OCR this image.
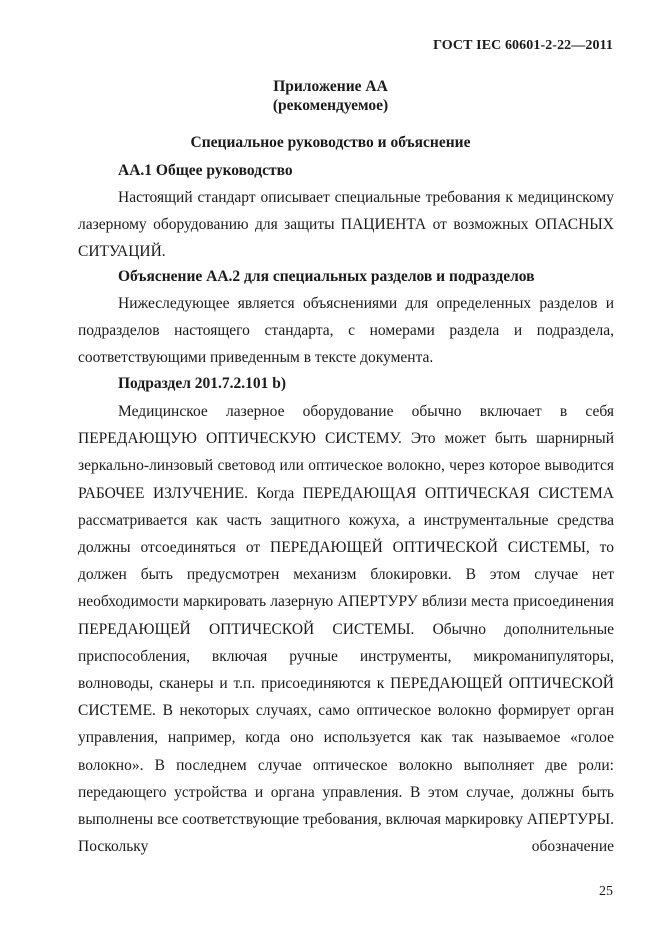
ГОСТ IEC 60601-2-22—2011
Приложение АА
(рекомендуемое)
Специальное руководство и объяснение
АА.1 Общее руководство

Настоящий стандарт описывает специальные требования к медицинскому лазерному оборудованию для защиты ПАЦИЕНТА от возможных ОПАСНЫХ СИТУАЦИЙ.

Объяснение АА.2 для специальных разделов и подразделов

Нижеследующее является объяснениями для определенных разделов и подразделов настоящего стандарта, с номерами раздела и подраздела, соответствующими приведенным в тексте документа.

Подраздел 201.7.2.101 b)

Медицинское лазерное оборудование обычно включает в себя ПЕРЕДАЮЩУЮ ОПТИЧЕСКУЮ СИСТЕМУ. Это может быть шарнирный зеркально-линзовый световод или оптическое волокно, через которое выводится РАБОЧЕЕ ИЗЛУЧЕНИЕ. Когда ПЕРЕДАЮЩАЯ ОПТИЧЕСКАЯ СИСТЕМА рассматривается как часть защитного кожуха, а инструментальные средства должны отсоединяться от ПЕРЕДАЮЩЕЙ ОПТИЧЕСКОЙ СИСТЕМЫ, то должен быть предусмотрен механизм блокировки. В этом случае нет необходимости маркировать лазерную АПЕРТУРУ вблизи места присоединения ПЕРЕДАЮЩЕЙ ОПТИЧЕСКОЙ СИСТЕМЫ. Обычно дополнительные приспособления, включая ручные инструменты, микроманипуляторы, волноводы, сканеры и т.п. присоединяются к ПЕРЕДАЮЩЕЙ ОПТИЧЕСКОЙ СИСТЕМЕ. В некоторых случаях, само оптическое волокно формирует орган управления, например, когда оно используется как так называемое «голое волокно». В последнем случае оптическое волокно выполняет две роли: передающего устройства и органа управления. В этом случае, должны быть выполнены все соответствующие требования, включая маркировку АПЕРТУРЫ. Поскольку обозначение

25
